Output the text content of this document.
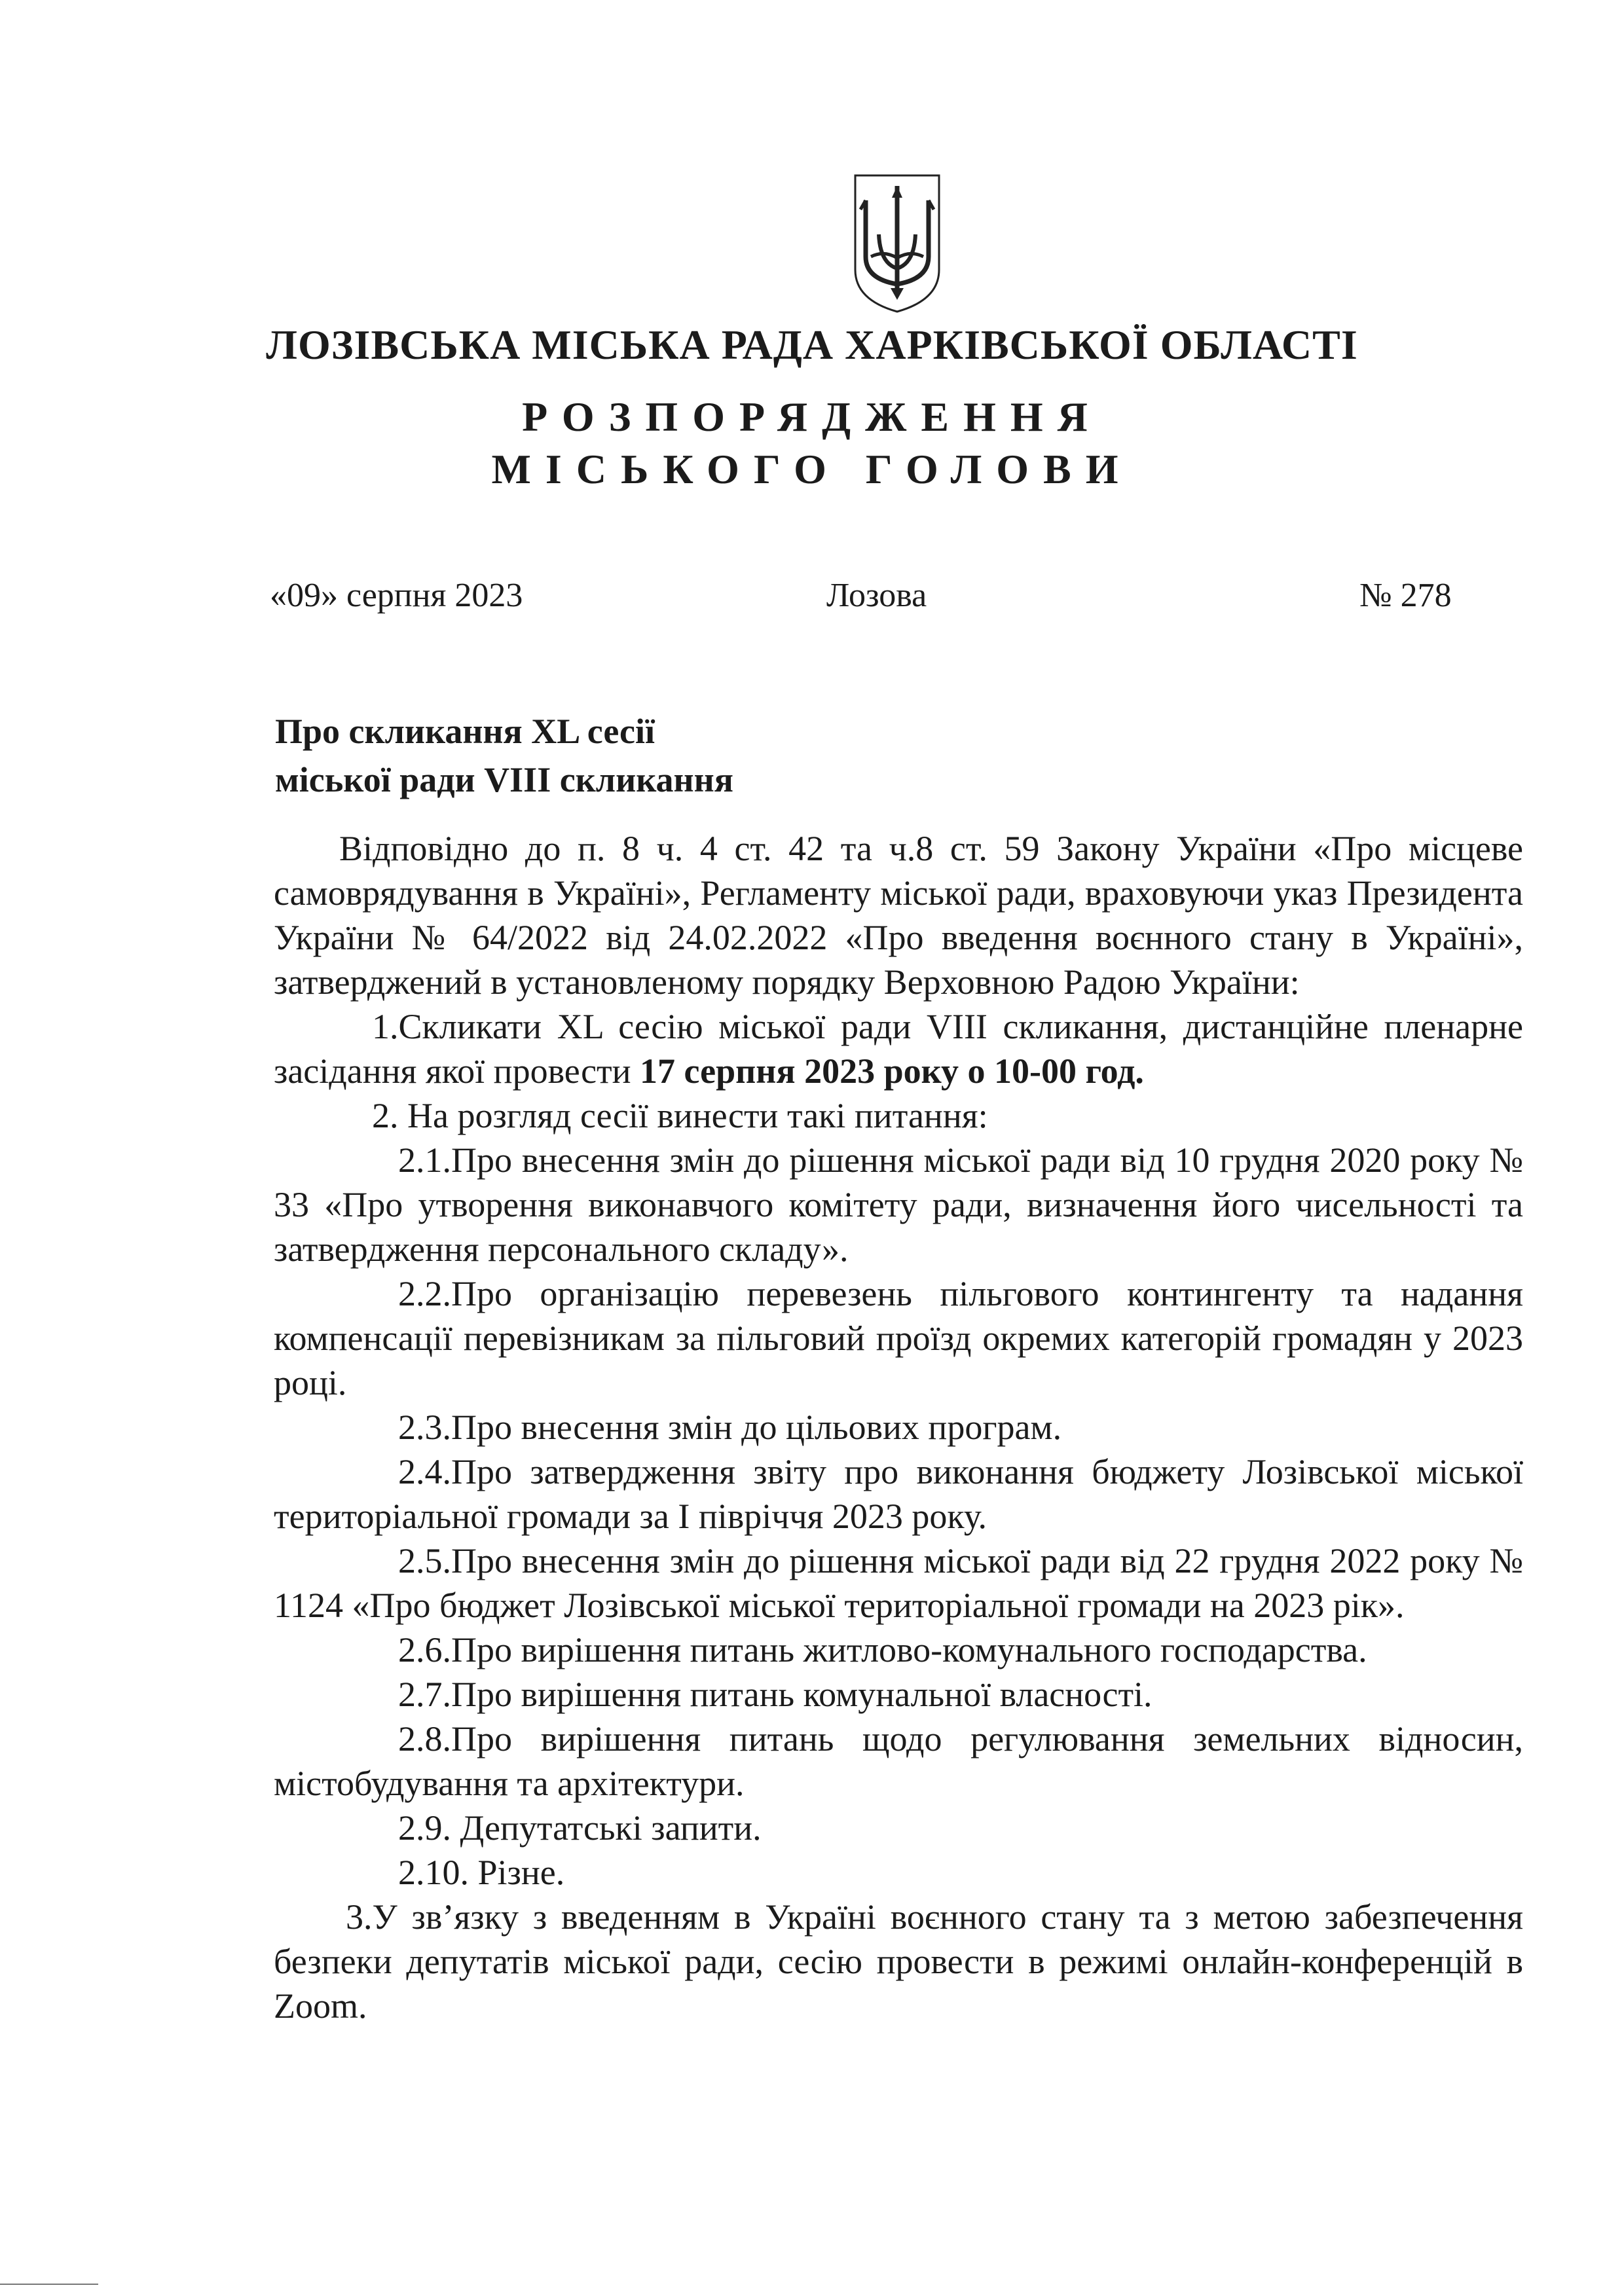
ЛОЗІВСЬКА МІСЬКА РАДА ХАРКІВСЬКОЇ ОБЛАСТІ
РОЗПОРЯДЖЕННЯ
МІСЬКОГО ГОЛОВИ
«09» серпня 2023	Лозова	№ 278
Про скликання XL сесії
міської ради VIII скликання

Відповідно до п. 8 ч. 4 ст. 42 та ч.8 ст. 59 Закону України «Про місцеве самоврядування в Україні», Регламенту міської ради, враховуючи указ Президента України № 64/2022 від 24.02.2022 «Про введення воєнного стану в Україні», затверджений в установленому порядку Верховною Радою України:

1.Скликати XL сесію міської ради VIII скликання, дистанційне пленарне засідання якої провести 17 серпня 2023 року о 10-00 год.

2. На розгляд сесії винести такі питання:

2.1.Про внесення змін до рішення міської ради від 10 грудня 2020 року № 33 «Про утворення виконавчого комітету ради, визначення його чисельності та затвердження персонального складу».

2.2.Про організацію перевезень пільгового контингенту та надання компенсації перевізникам за пільговий проїзд окремих категорій громадян у 2023 році.

2.3.Про внесення змін до цільових програм.

2.4.Про затвердження звіту про виконання бюджету Лозівської міської територіальної громади за І півріччя 2023 року.

2.5.Про внесення змін до рішення міської ради від 22 грудня 2022 року № 1124 «Про бюджет Лозівської міської територіальної громади на 2023 рік».

2.6.Про вирішення питань житлово-комунального господарства.

2.7.Про вирішення питань комунальної власності.

2.8.Про вирішення питань щодо регулювання земельних відносин, містобудування та архітектури.

2.9. Депутатські запити.

2.10. Різне.

3.У зв’язку з введенням в Україні воєнного стану та з метою забезпечення безпеки депутатів міської ради, сесію провести в режимі онлайн-конференцій в Zoom.
